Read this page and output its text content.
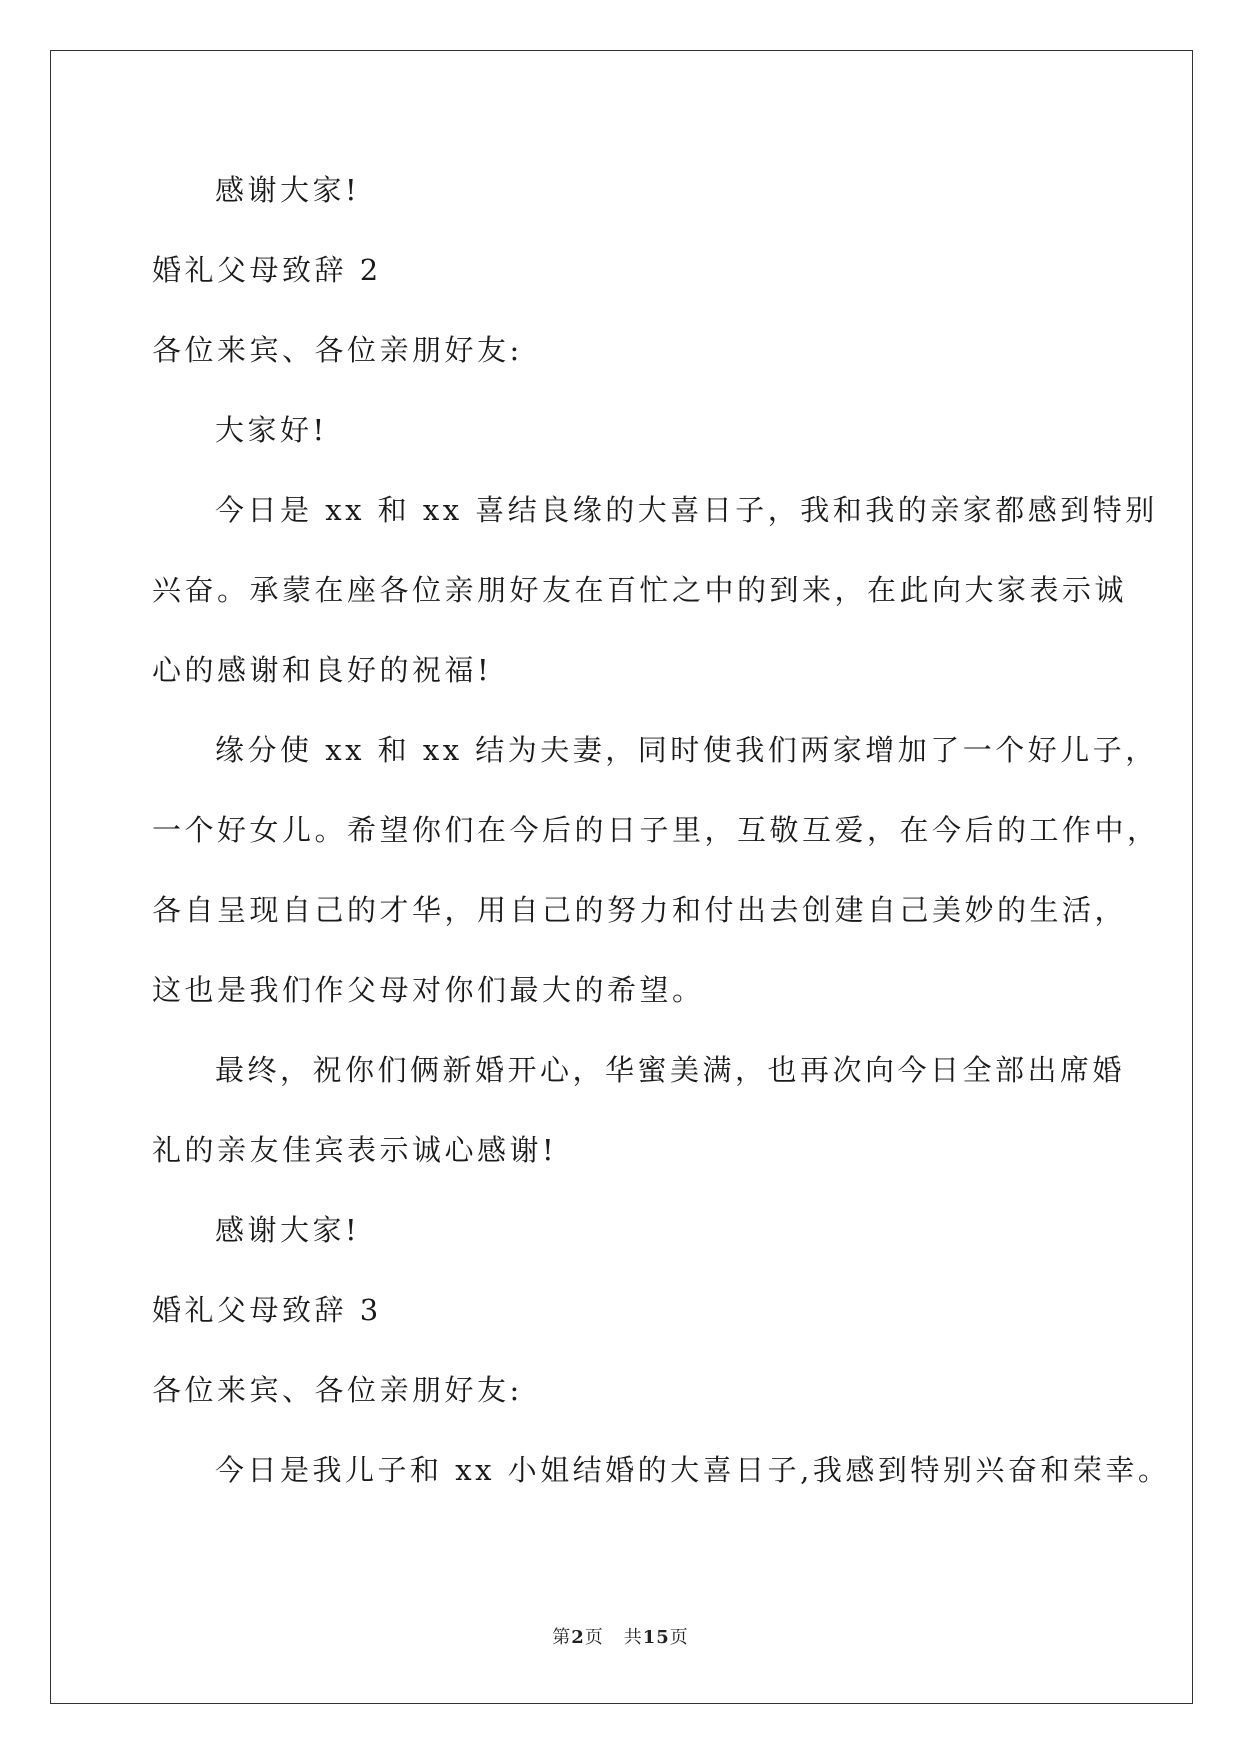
感谢大家!
婚礼父母致辞 2
各位来宾、各位亲朋好友:
大家好!
今日是 xx 和 xx 喜结良缘的大喜日子，我和我的亲家都感到特别
兴奋。承蒙在座各位亲朋好友在百忙之中的到来，在此向大家表示诚
心的感谢和良好的祝福!
缘分使 xx 和 xx 结为夫妻，同时使我们两家增加了一个好儿子，
一个好女儿。希望你们在今后的日子里，互敬互爱，在今后的工作中，
各自呈现自己的才华，用自己的努力和付出去创建自己美妙的生活，
这也是我们作父母对你们最大的希望。
最终，祝你们俩新婚开心，华蜜美满，也再次向今日全部出席婚
礼的亲友佳宾表示诚心感谢!
感谢大家!
婚礼父母致辞 3
各位来宾、各位亲朋好友:
今日是我儿子和 xx 小姐结婚的大喜日子,我感到特别兴奋和荣幸。
第2页 共15页
